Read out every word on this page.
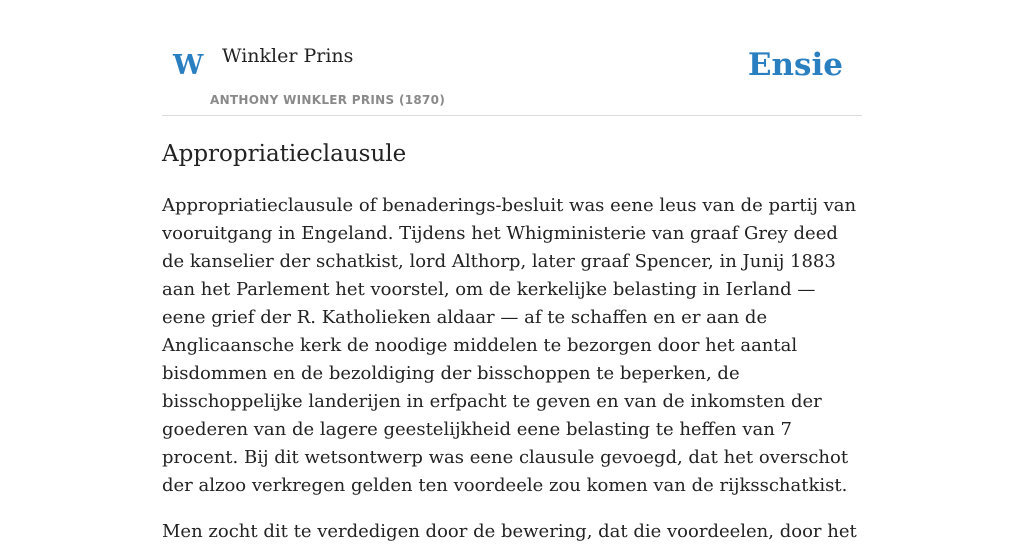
W Winkler Prins
ANTHONY WINKLER PRINS (1870)
Ensie
Appropriatieclausule

Appropriatieclausule of benaderings-besluit was eene leus van de partij van vooruitgang in Engeland. Tijdens het Whigministerie van graaf Grey deed de kanselier der schatkist, lord Althorp, later graaf Spencer, in Junij 1883 aan het Parlement het voorstel, om de kerkelijke belasting in Ierland — eene grief der R. Katholieken aldaar — af te schaffen en er aan de Anglicaansche kerk de noodige middelen te bezorgen door het aantal bisdommen en de bezoldiging der bisschoppen te beperken, de bisschoppelijke landerijen in erfpacht te geven en van de inkomsten der goederen van de lagere geestelijkheid eene belasting te heffen van 7 procent. Bij dit wetsontwerp was eene clausule gevoegd, dat het overschot der alzoo verkregen gelden ten voordeele zou komen van de rijksschatkist.

Men zocht dit te verdedigen door de bewering, dat die voordeelen, door het
